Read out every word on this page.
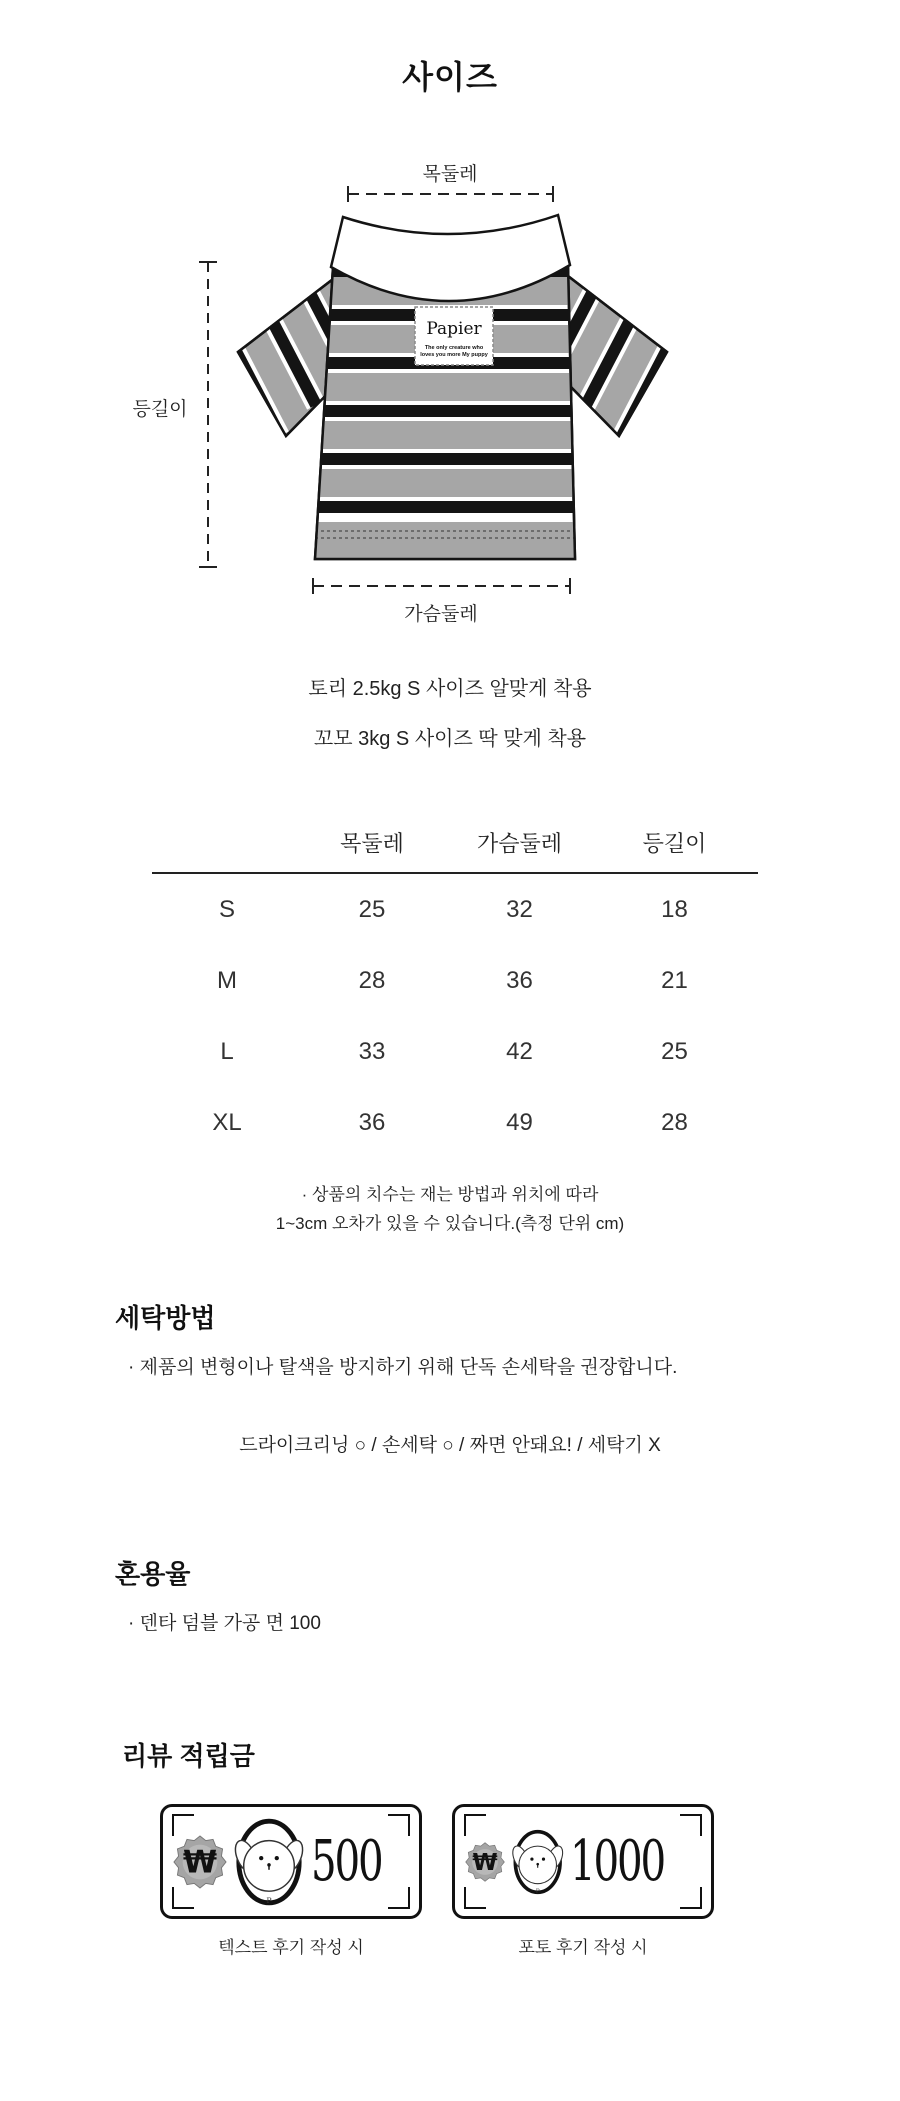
사이즈
목둘레
등길이
Papier
The only creature who
loves you more My puppy
가슴둘레
토리 2.5kg S 사이즈 알맞게 착용
꼬모 3kg S 사이즈 딱 맞게 착용
목둘레	가슴둘레	등길이
S	25	32	18
M	28	36	21
L	33	42	25
XL	36	49	28
· 상품의 치수는 재는 방법과 위치에 따라
1~3cm 오차가 있을 수 있습니다.(측정 단위 cm)
세탁방법
· 제품의 변형이나 탈색을 방지하기 위해 단독 손세탁을 권장합니다.
드라이크리닝 ○ / 손세탁 ○ / 짜면 안돼요! / 세탁기 X
혼용율
· 덴타 덤블 가공 면 100
리뷰 적립금
₩
P
500
텍스트 후기 작성 시
₩
P 1000
포토 후기 작성 시
